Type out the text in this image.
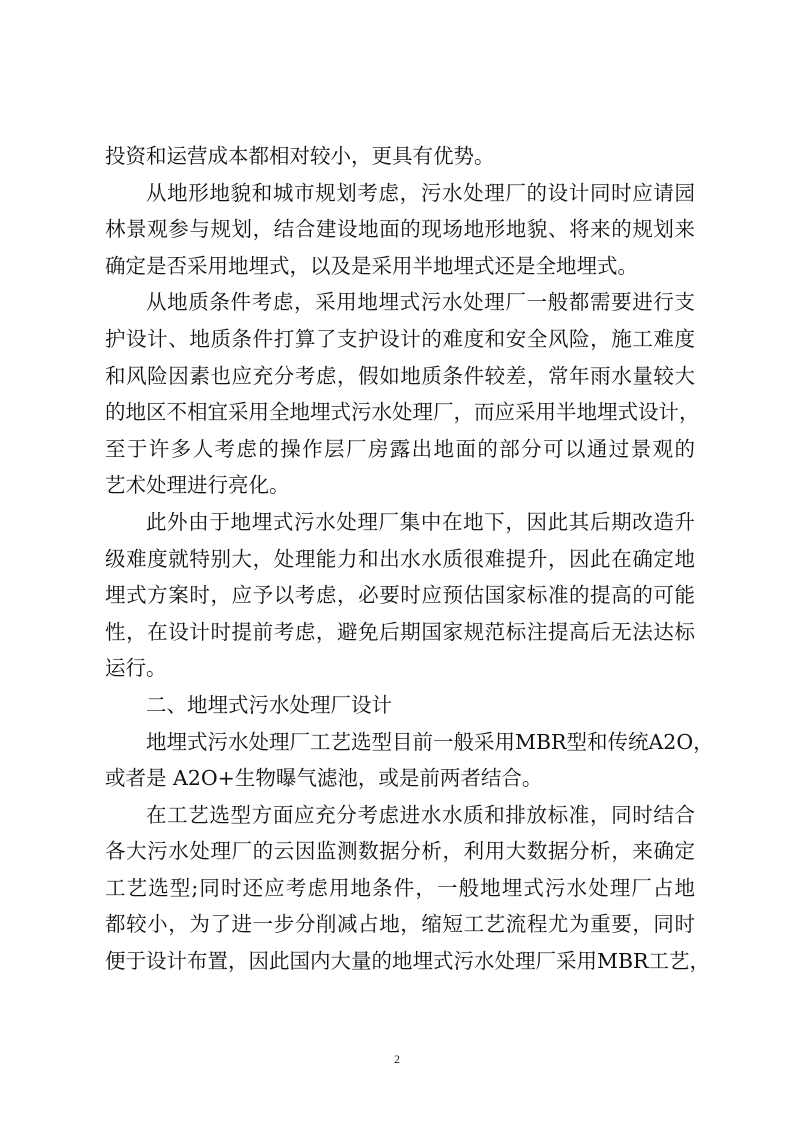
投资和运营成本都相对较小，更具有优势。
从地形地貌和城市规划考虑，污水处理厂的设计同时应请园
林景观参与规划，结合建设地面的现场地形地貌、将来的规划来
确定是否采用地埋式，以及是采用半地埋式还是全地埋式。
从地质条件考虑，采用地埋式污水处理厂一般都需要进行支
护设计、地质条件打算了支护设计的难度和安全风险，施工难度
和风险因素也应充分考虑，假如地质条件较差，常年雨水量较大
的地区不相宜采用全地埋式污水处理厂，而应采用半地埋式设计，
至于许多人考虑的操作层厂房露出地面的部分可以通过景观的
艺术处理进行亮化。
此外由于地埋式污水处理厂集中在地下，因此其后期改造升
级难度就特别大，处理能力和出水水质很难提升，因此在确定地
埋式方案时，应予以考虑，必要时应预估国家标准的提高的可能
性，在设计时提前考虑，避免后期国家规范标注提高后无法达标
运行。
二、地埋式污水处理厂设计
地埋式污水处理厂工艺选型目前一般采用MBR型和传统A2O，
或者是 A2O+生物曝气滤池，或是前两者结合。
在工艺选型方面应充分考虑进水水质和排放标准，同时结合
各大污水处理厂的云因监测数据分析，利用大数据分析，来确定
工艺选型;同时还应考虑用地条件，一般地埋式污水处理厂占地
都较小，为了进一步分削减占地，缩短工艺流程尤为重要，同时
便于设计布置，因此国内大量的地埋式污水处理厂采用MBR工艺，
2
